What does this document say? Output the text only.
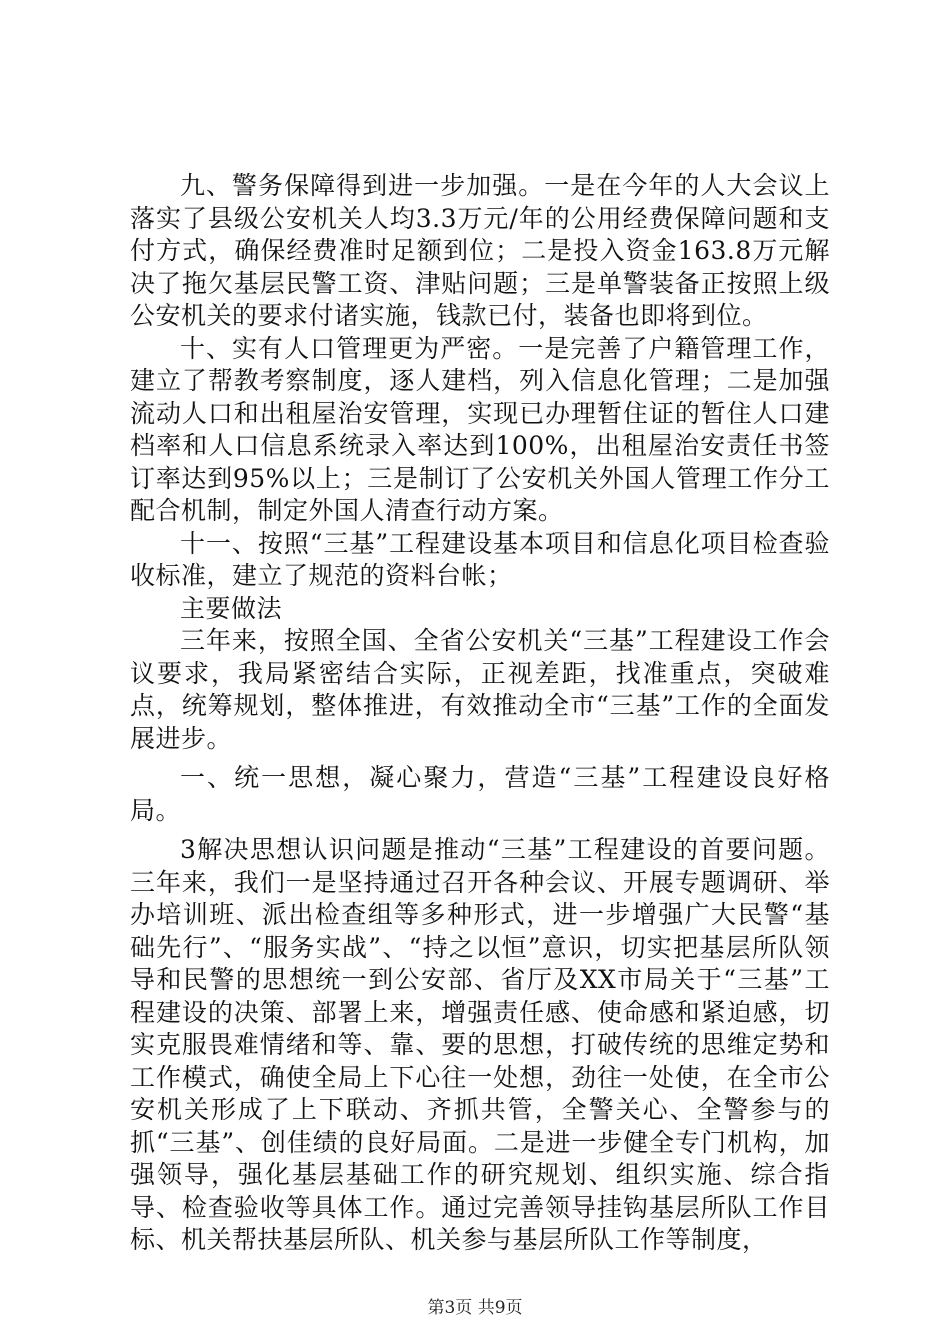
九、警务保障得到进一步加强。一是在今年的人大会议上落实了县级公安机关人均3.3万元/年的公用经费保障问题和支付方式，确保经费准时足额到位；二是投入资金163.8万元解决了拖欠基层民警工资、津贴问题；三是单警装备正按照上级公安机关的要求付诸实施，钱款已付，装备也即将到位。

十、实有人口管理更为严密。一是完善了户籍管理工作，建立了帮教考察制度，逐人建档，列入信息化管理；二是加强流动人口和出租屋治安管理，实现已办理暂住证的暂住人口建档率和人口信息系统录入率达到100%，出租屋治安责任书签订率达到95%以上；三是制订了公安机关外国人管理工作分工配合机制，制定外国人清查行动方案。

十一、按照“三基”工程建设基本项目和信息化项目检查验收标准，建立了规范的资料台帐；

主要做法

三年来，按照全国、全省公安机关“三基”工程建设工作会议要求，我局紧密结合实际，正视差距，找准重点，突破难点，统筹规划，整体推进，有效推动全市“三基”工作的全面发展进步。

一、统一思想，凝心聚力，营造“三基”工程建设良好格局。

3解决思想认识问题是推动“三基”工程建设的首要问题。三年来，我们一是坚持通过召开各种会议、开展专题调研、举办培训班、派出检查组等多种形式，进一步增强广大民警“基础先行”、“服务实战”、“持之以恒”意识，切实把基层所队领导和民警的思想统一到公安部、省厅及XX市局关于“三基”工程建设的决策、部署上来，增强责任感、使命感和紧迫感，切实克服畏难情绪和等、靠、要的思想，打破传统的思维定势和工作模式，确使全局上下心往一处想，劲往一处使，在全市公安机关形成了上下联动、齐抓共管，全警关心、全警参与的抓“三基”、创佳绩的良好局面。二是进一步健全专门机构，加强领导，强化基层基础工作的研究规划、组织实施、综合指导、检查验收等具体工作。通过完善领导挂钩基层所队工作目标、机关帮扶基层所队、机关参与基层所队工作等制度，

第3页 共9页
